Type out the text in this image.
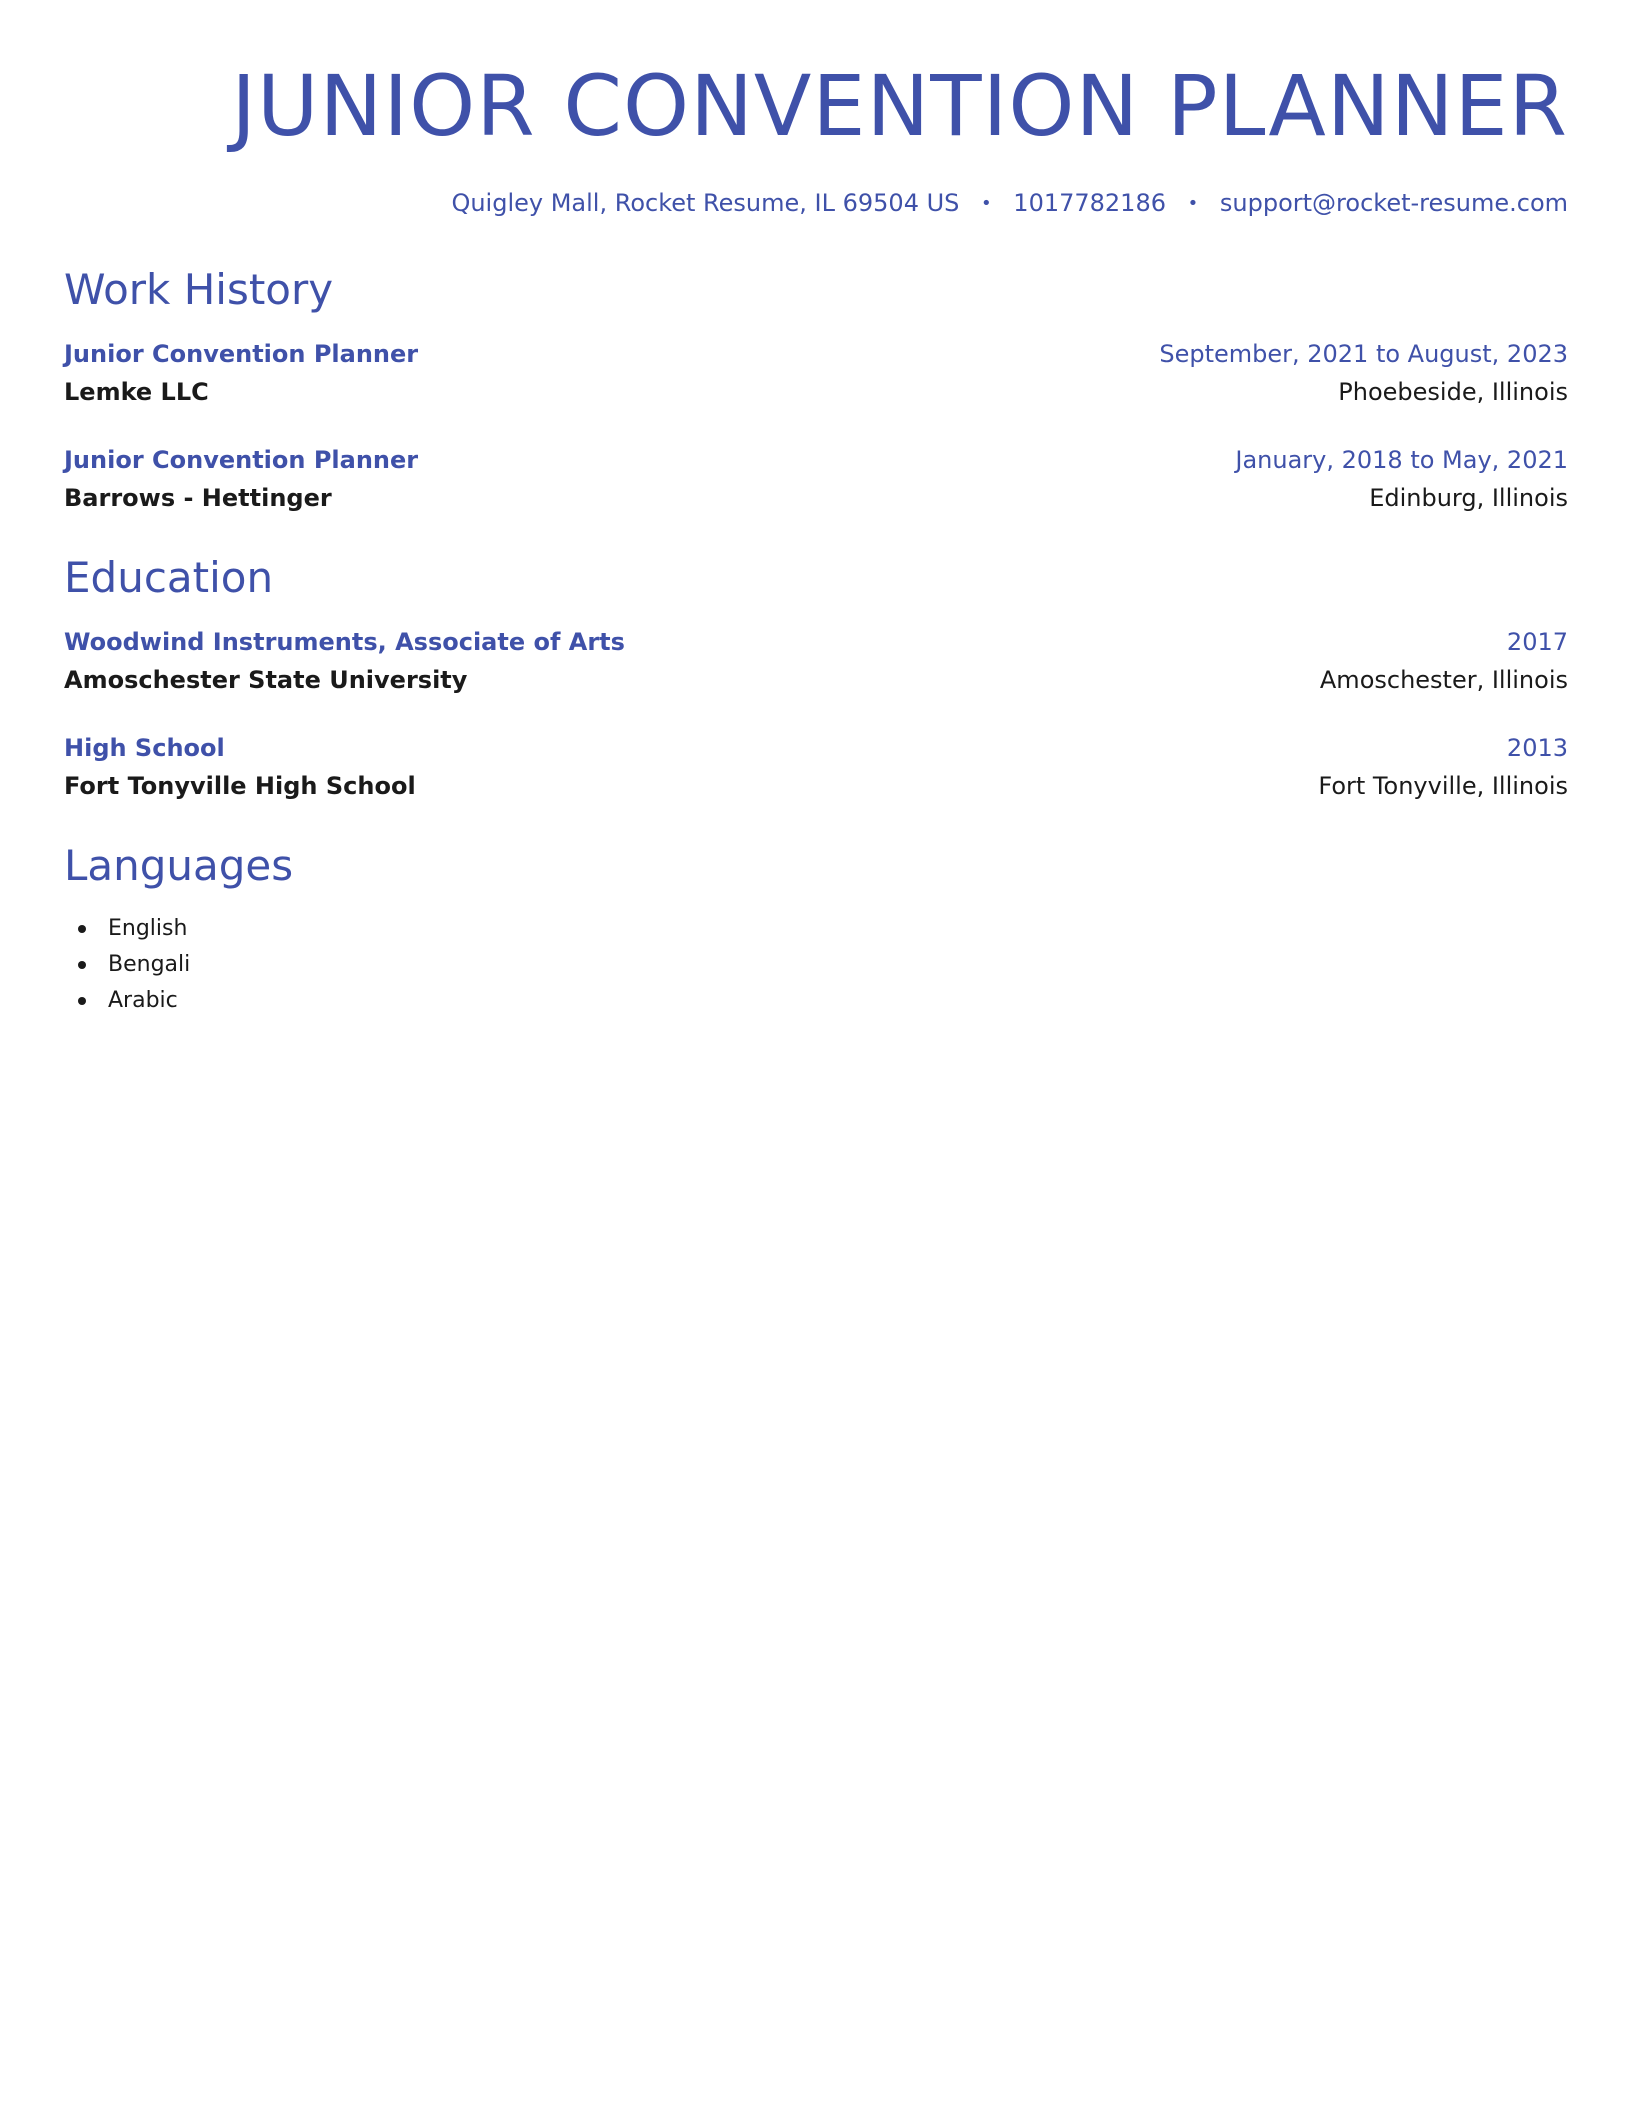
JUNIOR CONVENTION PLANNER
Quigley Mall, Rocket Resume, IL 69504 US • 1017782186 • support@rocket-resume.com
Work History
Junior Convention Planner	September, 2021 to August, 2023
Lemke LLC	Phoebeside, Illinois
Junior Convention Planner	January, 2018 to May, 2021
Barrows - Hettinger	Edinburg, Illinois
Education
Woodwind Instruments, Associate of Arts	2017
Amoschester State University	Amoschester, Illinois
High School	2013
Fort Tonyville High School	Fort Tonyville, Illinois
Languages
English
Bengali
Arabic
